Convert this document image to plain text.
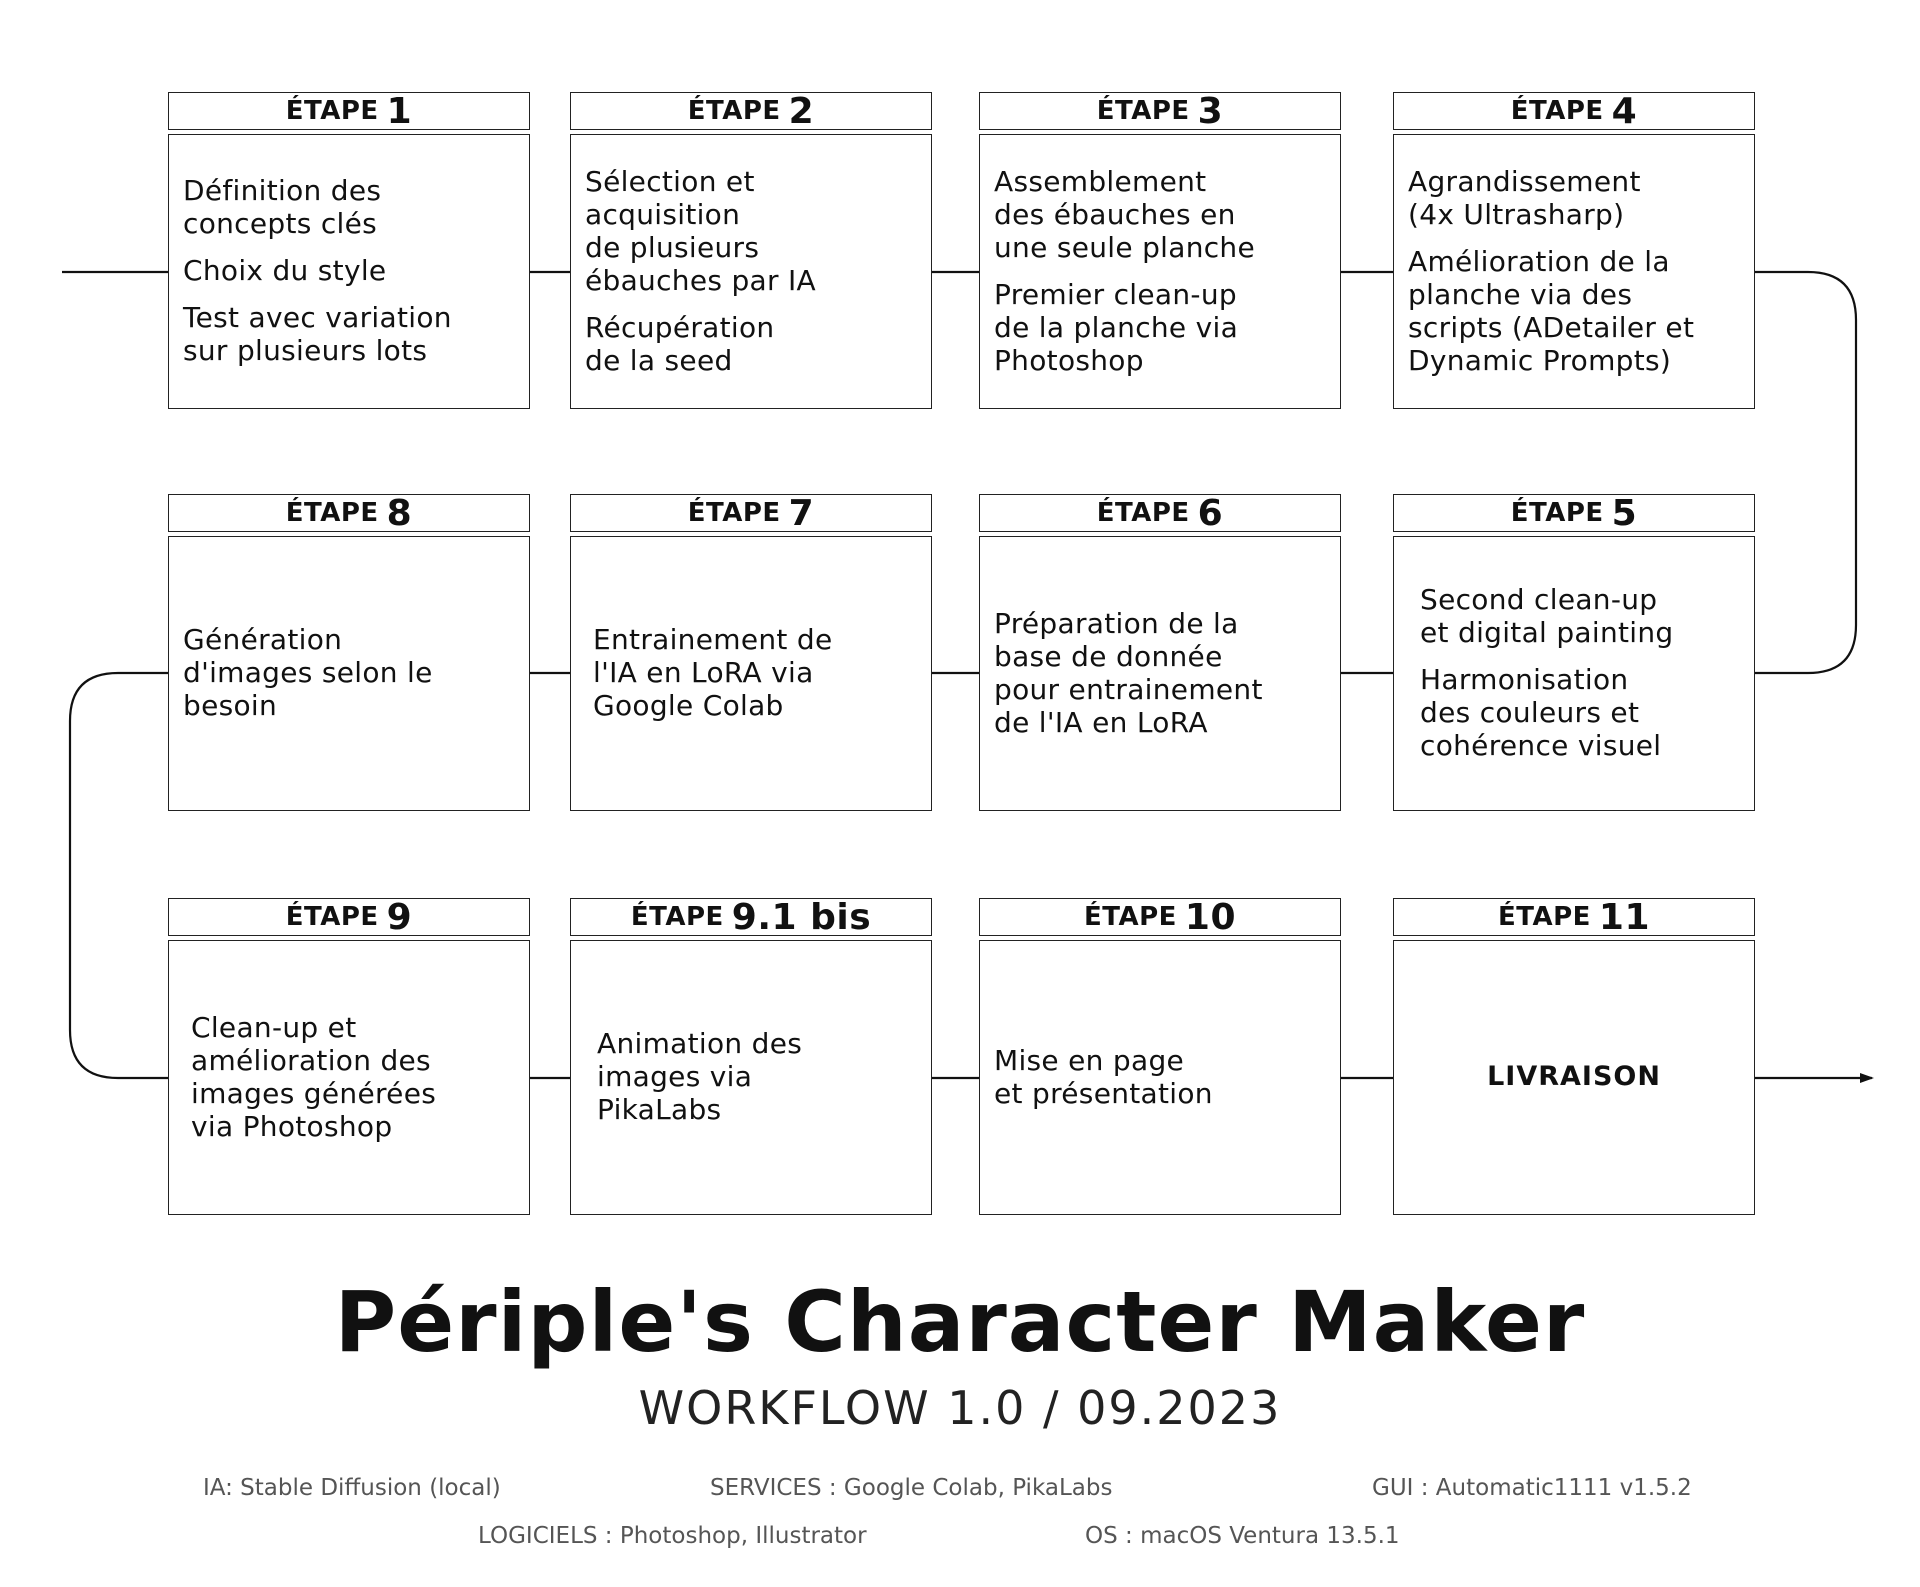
ÉTAPE 1
Définition des
concepts clés
Choix du style
Test avec variation
sur plusieurs lots
ÉTAPE 2
Sélection et
acquisition
de plusieurs
ébauches par IA
Récupération
de la seed
ÉTAPE 3
Assemblement
des ébauches en
une seule planche
Premier clean-up
de la planche via
Photoshop
ÉTAPE 4
Agrandissement
(4x Ultrasharp)
Amélioration de la
planche via des
scripts (ADetailer et
Dynamic Prompts)
ÉTAPE 5
Second clean-up
et digital painting
Harmonisation
des couleurs et
cohérence visuel
ÉTAPE 6
Préparation de la
base de donnée
pour entrainement
de l'IA en LoRA
ÉTAPE 7
Entrainement de
l'IA en LoRA via
Google Colab
ÉTAPE 8
Génération
d'images selon le
besoin
ÉTAPE 9
Clean-up et
amélioration des
images générées
via Photoshop
ÉTAPE 9.1 bis
Animation des
images via
PikaLabs
ÉTAPE 10
Mise en page
et présentation
ÉTAPE 11
LIVRAISON
Périple's Character Maker
WORKFLOW 1.0 / 09.2023
IA: Stable Diffusion (local)	SERVICES : Google Colab, PikaLabs	GUI : Automatic1111 v1.5.2
LOGICIELS : Photoshop, Illustrator	OS : macOS Ventura 13.5.1
